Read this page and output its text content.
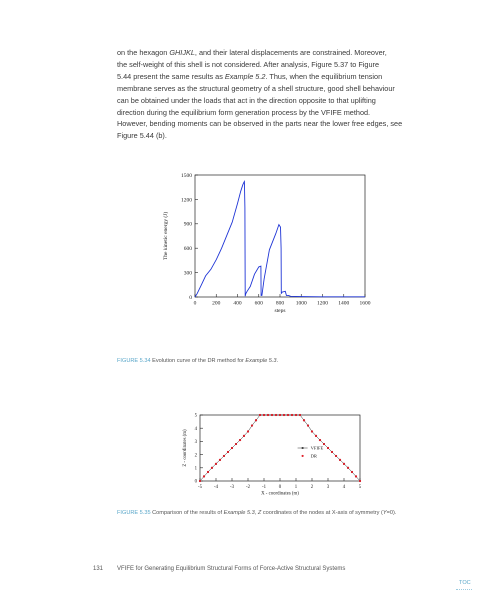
on the hexagon GHIJKL, and their lateral displacements are constrained. Moreover,
the self-weight of this shell is not considered. After analysis, Figure 5.37 to Figure
5.44 present the same results as Example 5.2. Thus, when the equilibrium tension
membrane serves as the structural geometry of a shell structure, good shell behaviour
can be obtained under the loads that act in the direction opposite to that uplifting
direction during the equilibrium form generation process by the VFIFE method.
However, bending moments can be observed in the parts near the lower free edges, see
Figure 5.44 (b).
0	200 400 600 800 1000 1200 1400 1600
0
300
600
900
1200
1500
steps
The kinetic energy (J)
FIGURE 5.34 Evolution curve of the DR method for Example 5.3.
-5	-4	-3	-2	-1	0	1	2	3	4	5
0
1
2
3
4
5
X - coordinates (m)
Z - coordinates (m)	VFIFE
DR
FIGURE 5.35 Comparison of the results of Example 5.3, Z coordinates of the nodes at X-axis of symmetry (Y=0).
131 VFIFE for Generating Equilibrium Structural Forms of Force-Active Structural Systems
TOC
